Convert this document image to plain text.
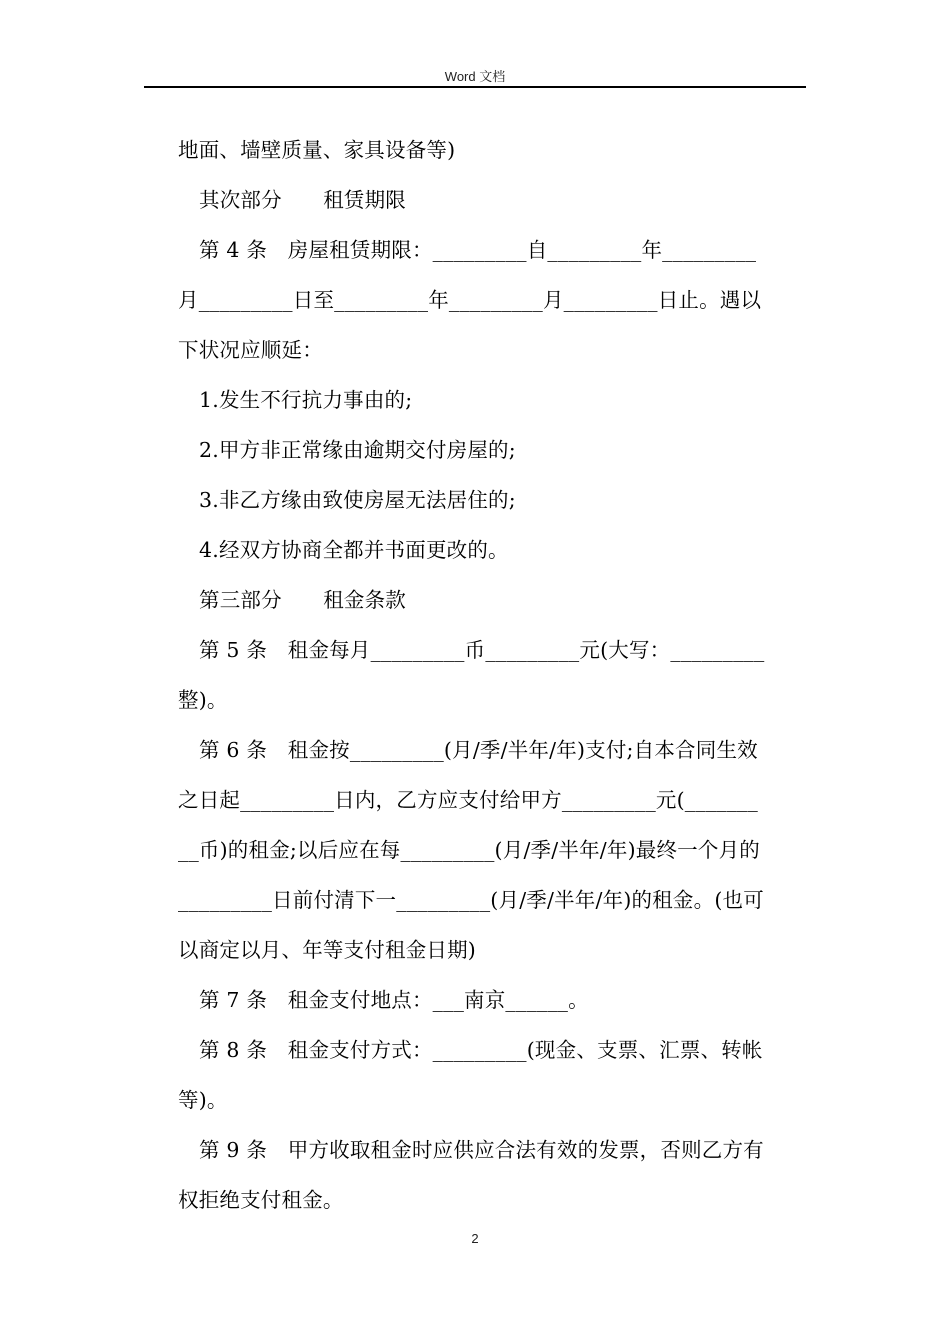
Word 文档
地面、墙壁质量、家具设备等)
其次部分　　租赁期限
第 4 条　房屋租赁期限：_________自_________年_________
月_________日至_________年_________月_________日止。遇以
下状况应顺延：
1.发生不行抗力事由的;
2.甲方非正常缘由逾期交付房屋的;
3.非乙方缘由致使房屋无法居住的;
4.经双方协商全都并书面更改的。
第三部分　　租金条款
第 5 条　租金每月_________币_________元(大写：_________
整)。
第 6 条　租金按_________(月/季/半年/年)支付;自本合同生效
之日起_________日内，乙方应支付给甲方_________元(_______
__币)的租金;以后应在每_________(月/季/半年/年)最终一个月的
_________日前付清下一_________(月/季/半年/年)的租金。(也可
以商定以月、年等支付租金日期)
第 7 条　租金支付地点：___南京______。
第 8 条　租金支付方式：_________(现金、支票、汇票、转帐
等)。
第 9 条　甲方收取租金时应供应合法有效的发票，否则乙方有
权拒绝支付租金。
2
